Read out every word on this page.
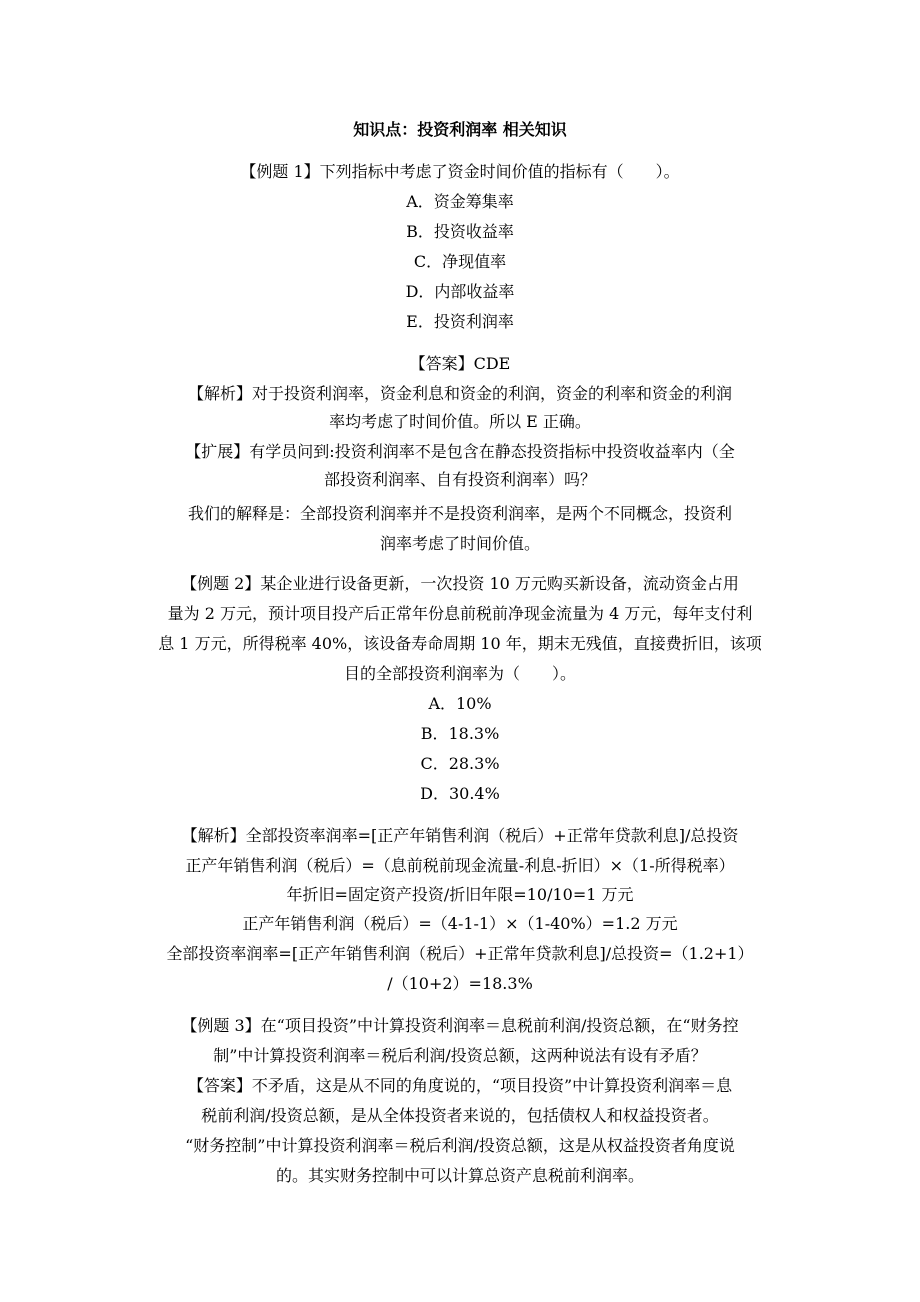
知识点：投资利润率 相关知识
【例题 1】下列指标中考虑了资金时间价值的指标有（　　）。
A．资金筹集率
B．投资收益率
C．净现值率
D．内部收益率
E．投资利润率
【答案】CDE
【解析】对于投资利润率，资金利息和资金的利润，资金的利率和资金的利润
率均考虑了时间价值。所以 E 正确。
【扩展】有学员问到:投资利润率不是包含在静态投资指标中投资收益率内（全
部投资利润率、自有投资利润率）吗？
我们的解释是：全部投资利润率并不是投资利润率，是两个不同概念，投资利
润率考虑了时间价值。
【例题 2】某企业进行设备更新，一次投资 10 万元购买新设备，流动资金占用
量为 2 万元，预计项目投产后正常年份息前税前净现金流量为 4 万元，每年支付利
息 1 万元，所得税率 40%，该设备寿命周期 10 年，期末无残值，直接费折旧，该项
目的全部投资利润率为（　　）。
A．10%
B．18.3%
C．28.3%
D．30.4%
【解析】全部投资率润率=[正产年销售利润（税后）+正常年贷款利息]/总投资
正产年销售利润（税后）=（息前税前现金流量-利息-折旧）×（1-所得税率）
年折旧=固定资产投资/折旧年限=10/10=1 万元
正产年销售利润（税后）=（4-1-1）×（1-40%）=1.2 万元
全部投资率润率=[正产年销售利润（税后）+正常年贷款利息]/总投资=（1.2+1）
/（10+2）=18.3%
【例题 3】在“项目投资”中计算投资利润率＝息税前利润/投资总额，在“财务控
制”中计算投资利润率＝税后利润/投资总额，这两种说法有设有矛盾？
【答案】不矛盾，这是从不同的角度说的，“项目投资”中计算投资利润率＝息
税前利润/投资总额，是从全体投资者来说的，包括债权人和权益投资者。
“财务控制”中计算投资利润率＝税后利润/投资总额，这是从权益投资者角度说
的。其实财务控制中可以计算总资产息税前利润率。
